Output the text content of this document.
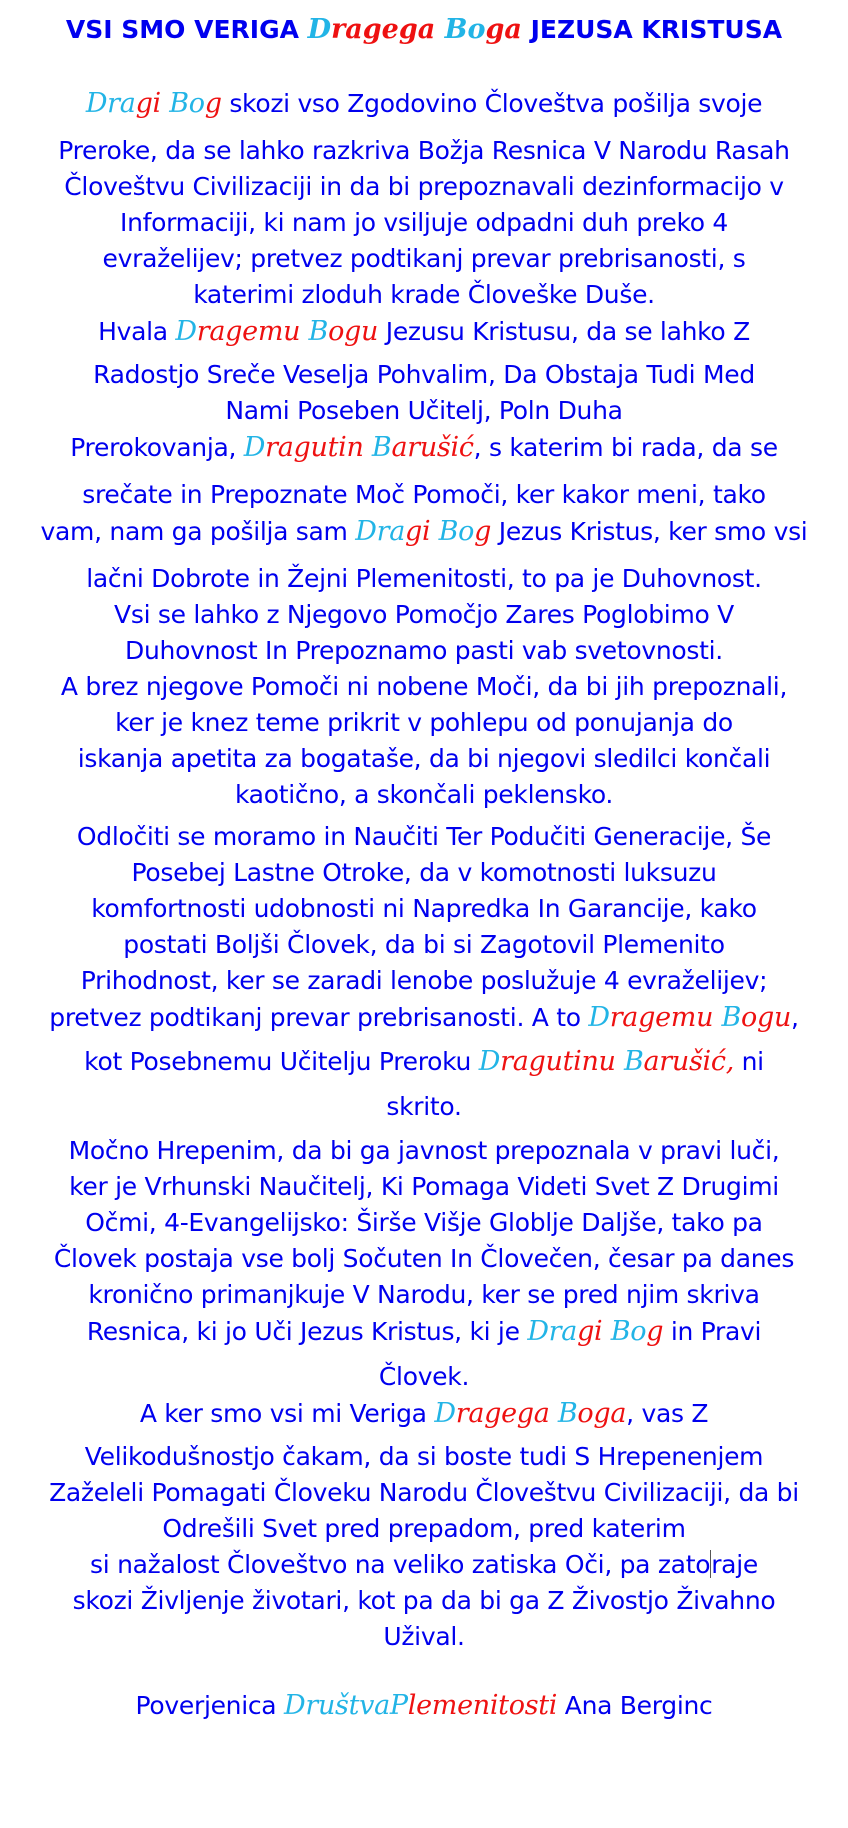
VSI SMO VERIGA Dragega Boga JEZUSA KRISTUSA
Dragi Bog skozi vso Zgodovino Človeštva pošilja svoje
Preroke, da se lahko razkriva Božja Resnica V Narodu Rasah
Človeštvu Civilizaciji in da bi prepoznavali dezinformacijo v
Informaciji, ki nam jo vsiljuje odpadni duh preko 4
evraželijev; pretvez podtikanj prevar prebrisanosti, s
katerimi zloduh krade Človeške Duše.
Hvala Dragemu Bogu Jezusu Kristusu, da se lahko Z
Radostjo Sreče Veselja Pohvalim, Da Obstaja Tudi Med
Nami Poseben Učitelj, Poln Duha
Prerokovanja, Dragutin Barušić, s katerim bi rada, da se
srečate in Prepoznate Moč Pomoči, ker kakor meni, tako
vam, nam ga pošilja sam Dragi Bog Jezus Kristus, ker smo vsi
lačni Dobrote in Žejni Plemenitosti, to pa je Duhovnost.
Vsi se lahko z Njegovo Pomočjo Zares Poglobimo V
Duhovnost In Prepoznamo pasti vab svetovnosti.
A brez njegove Pomoči ni nobene Moči, da bi jih prepoznali,
ker je knez teme prikrit v pohlepu od ponujanja do
iskanja apetita za bogataše, da bi njegovi sledilci končali
kaotično, a skončali peklensko.
Odločiti se moramo in Naučiti Ter Podučiti Generacije, Še
Posebej Lastne Otroke, da v komotnosti luksuzu
komfortnosti udobnosti ni Napredka In Garancije, kako
postati Boljši Človek, da bi si Zagotovil Plemenito
Prihodnost, ker se zaradi lenobe poslužuje 4 evraželijev;
pretvez podtikanj prevar prebrisanosti. A to Dragemu Bogu,
kot Posebnemu Učitelju Preroku Dragutinu Barušić, ni
skrito.
Močno Hrepenim, da bi ga javnost prepoznala v pravi luči,
ker je Vrhunski Naučitelj, Ki Pomaga Videti Svet Z Drugimi
Očmi, 4-Evangelijsko: Širše Višje Globlje Daljše, tako pa
Človek postaja vse bolj Sočuten In Človečen, česar pa danes
kronično primanjkuje V Narodu, ker se pred njim skriva
Resnica, ki jo Uči Jezus Kristus, ki je Dragi Bog in Pravi
Človek.
A ker smo vsi mi Veriga Dragega Boga, vas Z
Velikodušnostjo čakam, da si boste tudi S Hrepenenjem
Zaželeli Pomagati Človeku Narodu Človeštvu Civilizaciji, da bi
Odrešili Svet pred prepadom, pred katerim
si nažalost Človeštvo na veliko zatiska Oči, pa zatoraje
skozi Življenje životari, kot pa da bi ga Z Živostjo Živahno
Užival.
Poverjenica DruštvaPlemenitosti Ana Berginc
